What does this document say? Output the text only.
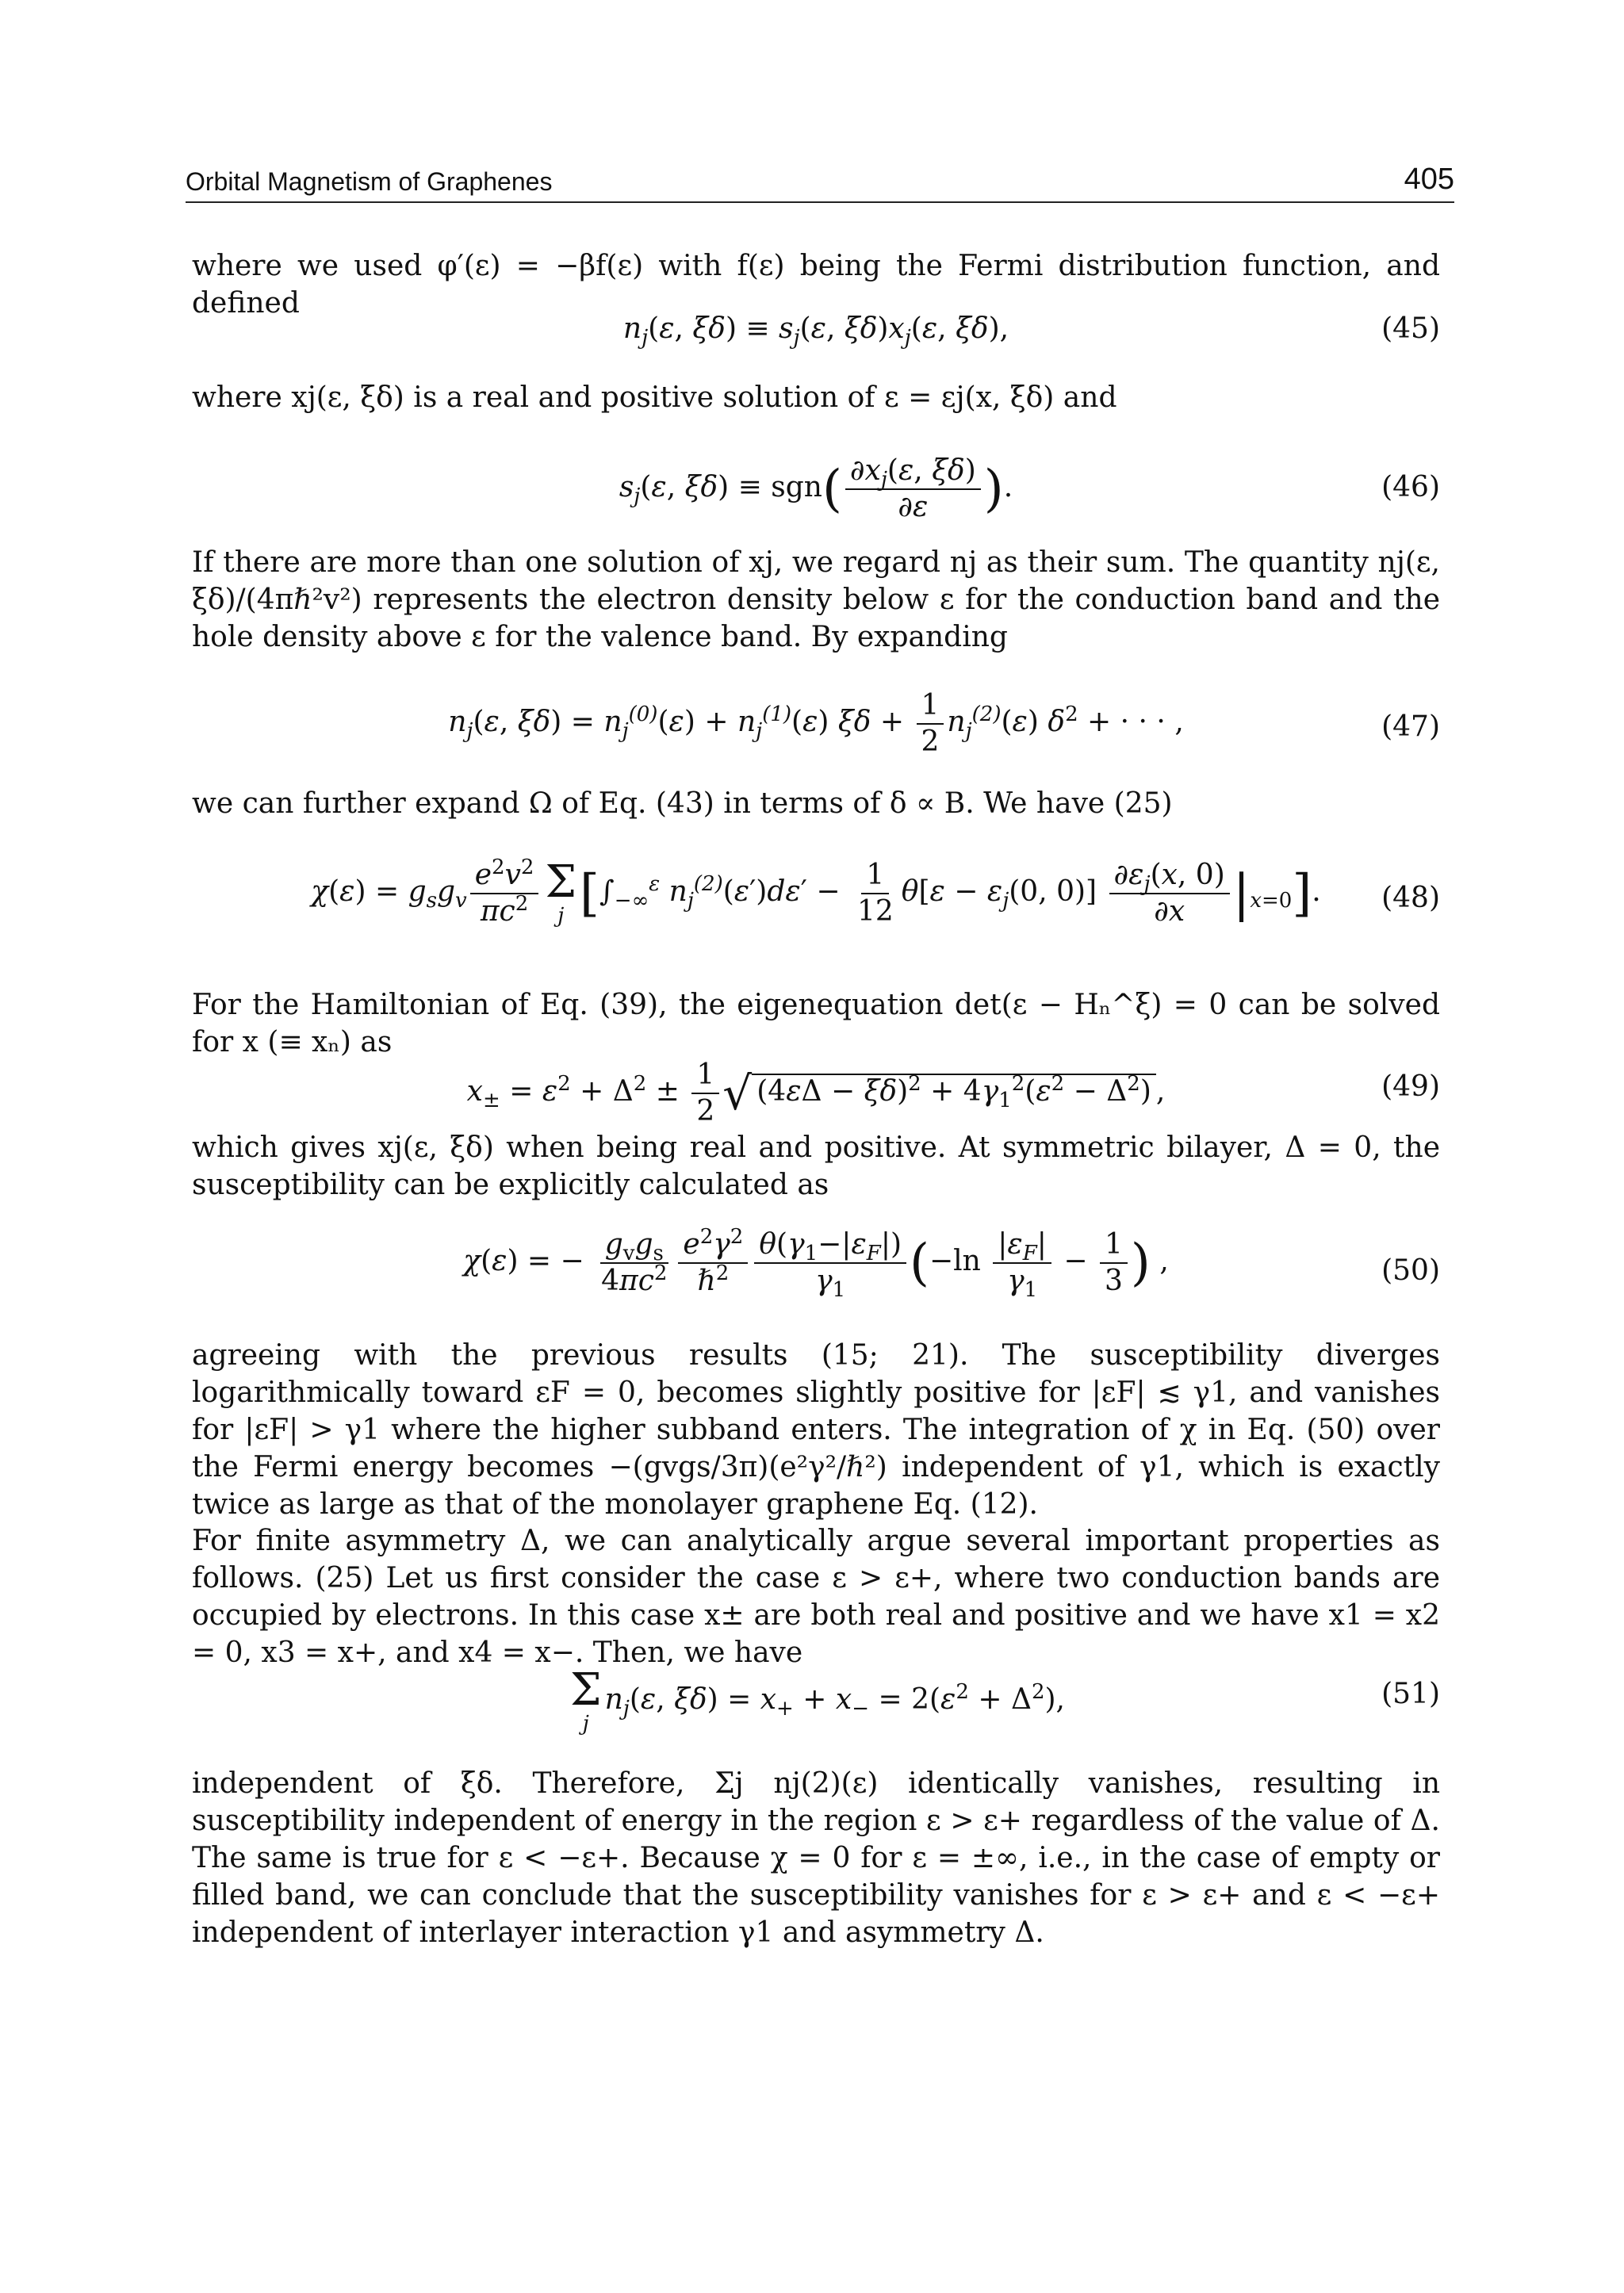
Orbital Magnetism of Graphenes	405

where we used φ′(ε) = −βf(ε) with f(ε) being the Fermi distribution function, and defined

$n_j(\varepsilon$, $\xi\delta) \equiv s_j(\varepsilon$, $\xi\delta)x_j(\varepsilon$, ξδ),	(45)

where xj(ε, ξδ) is a real and positive solution of ε = εj(x, ξδ) and

$s_j(\varepsilon$, $\xi\delta) \equiv sgn( \frac{\partial x_j(\varepsilon, \xi\delta)}{\partial\varepsilon}$ ).	(46)

If there are more than one solution of xj, we regard nj as their sum. The quantity nj(ε, ξδ)/(4πℏ²v²) represents the electron density below ε for the conduction band and the hole density above ε for the valence band. By expanding

$n_j(\varepsilon$, $\xi\delta) = n_j^{(0)}(\varepsilon) + n_j^{(1)}(\varepsilon) \xi\delta + \frac{1}{2} n_j^{(2)}(\varepsilon) \delta^2$ + · · · ,	(47)

we can further expand Ω of Eq. (43) in terms of δ ∝ B. We have (25)

$\chi(\varepsilon) = g_sg_v \frac{e^2v^2}{\pi c^2}$ Σ
j [$\int_{-\infty}^\varepsilon$ $n_j^{(2)}(\varepsilon')d\varepsilon' - \frac{1}{12} \theta[\varepsilon - \varepsilon_j(0$, $0)] \frac{\partial\varepsilon_j(x, 0)}{\partial x} |_{x=0}$]. (48)

For the Hamiltonian of Eq. (39), the eigenequation det(ε − Hₙ^ξ) = 0 can be solved for x (≡ xₙ) as

$x_\pm = \varepsilon^2 + \Delta^2 \pm \frac{1}{2}$ √ $(4\varepsilon\Delta - \xi\delta)^2 + 4\gamma_1^2(\varepsilon^2 - \Delta^2)$ ,	(49)

which gives xj(ε, ξδ) when being real and positive. At symmetric bilayer, Δ = 0, the susceptibility can be explicitly calculated as

χ(ε) = − $\frac{g_vg_s}{4\pi c^2} \frac{e^2\gamma^2}{\hbar^2} \frac{\theta(\gamma_1-|\varepsilon_F|)}{\gamma_1} (-\ln \frac{|\varepsilon_F|}{\gamma_1} - \frac{1}{3}$ ) ,	(50)

agreeing with the previous results (15; 21). The susceptibility diverges logarithmically toward εF = 0, becomes slightly positive for |εF| ≲ γ1, and vanishes for |εF| > γ1 where the higher subband enters. The integration of χ in Eq. (50) over the Fermi energy becomes −(gvgs/3π)(e²γ²/ℏ²) independent of γ1, which is exactly twice as large as that of the monolayer graphene Eq. (12).

For finite asymmetry Δ, we can analytically argue several important properties as follows. (25) Let us first consider the case ε > ε+, where two conduction bands are occupied by electrons. In this case x± are both real and positive and we have x1 = x2 = 0, x3 = x+, and x4 = x−. Then, we have

Σ
j
$n_j(\varepsilon$, $\xi\delta) = x_+ + x_- = 2(\varepsilon^2 + \Delta^2)$,	(51)

independent of ξδ. Therefore, Σj nj(2)(ε) identically vanishes, resulting in susceptibility independent of energy in the region ε > ε+ regardless of the value of Δ. The same is true for ε < −ε+. Because χ = 0 for ε = ±∞, i.e., in the case of empty or filled band, we can conclude that the susceptibility vanishes for ε > ε+ and ε < −ε+ independent of interlayer interaction γ1 and asymmetry Δ.
